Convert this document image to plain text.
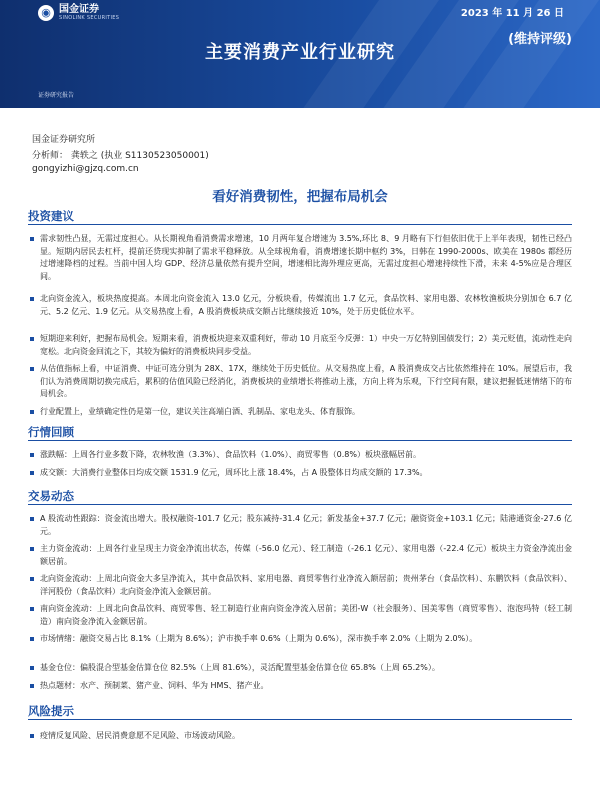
◉ 国金证券
SINOLINK SECURITIES	2023 年 11 月 26 日
主要消费产业行业研究
(维持评级)
证券研究报告
国金证券研究所
分析师： 龚轶之 (执业 S1130523050001)
gongyizhi@gjzq.com.cn
看好消费韧性，把握布局机会
投资建议
需求韧性凸显，无需过度担心。从长期视角看消费需求增速，10 月两年复合增速为 3.5%,环比 8、9 月略有下行但依旧优于上半年表现，韧性已经凸显。短期内居民去杠杆，提前还贷现实抑制了需求平稳释放。从全球视角看，消费增速长期中枢约 3%，日韩在 1990-2000s、欧美在 1980s 都经历过增速降档的过程。当前中国人均 GDP、经济总量依然有提升空间，增速相比海外理应更高，无需过度担心增速持续性下滑，未来 4-5%应是合理区间。
北向资金流入，板块热度提高。本周北向资金流入 13.0 亿元，分板块看，传媒流出 1.7 亿元，食品饮料、家用电器、农林牧渔板块分别加仓 6.7 亿元、5.2 亿元、1.9 亿元。从交易热度上看，A 股消费板块成交额占比继续接近 10%，处于历史低位水平。
短期迎来利好，把握布局机会。短期来看，消费板块迎来双重利好，带动 10 月底至今反弹：1）中央一万亿特别国债发行；2）美元贬值，流动性走向宽松。北向资金回流之下，其较为偏好的消费板块同步受益。
从估值指标上看，中证消费、中证可选分别为 28X、17X，继续处于历史低位。从交易热度上看，A 股消费成交占比依然维持在 10%。展望后市，我们认为消费周期切换完成后，累积的估值风险已经消化，消费板块的业绩增长将推动上涨，方向上将为乐观，下行空间有限，建议把握低迷情绪下的布局机会。
行业配置上，业绩确定性仍是第一位，建议关注高端白酒、乳制品、家电龙头、体育服饰。
行情回顾
涨跌幅：上周各行业多数下降，农林牧渔（3.3%）、食品饮料（1.0%）、商贸零售（0.8%）板块涨幅居前。
成交额：大消费行业整体日均成交额 1531.9 亿元，周环比上涨 18.4%，占 A 股整体日均成交额的 17.3%。
交易动态
A 股流动性跟踪：资金流出增大。股权融资-101.7 亿元；股东减持-31.4 亿元；新发基金+37.7 亿元；融资资金+103.1 亿元；陆港通资金-27.6 亿元。
主力资金流动：上周各行业呈现主力资金净流出状态，传媒（-56.0 亿元）、轻工制造（-26.1 亿元）、家用电器（-22.4 亿元）板块主力资金净流出金额居前。
北向资金流动：上周北向资金大多呈净流入，其中食品饮料、家用电器、商贸零售行业净流入额居前；贵州茅台（食品饮料）、东鹏饮料（食品饮料）、洋河股份（食品饮料）北向资金净流入金额居前。
南向资金流动：上周北向食品饮料、商贸零售、轻工制造行业南向资金净流入居前；美团-W（社会服务）、国美零售（商贸零售）、泡泡玛特（轻工制造）南向资金净流入金额居前。
市场情绪：融资交易占比 8.1%（上期为 8.6%）；沪市换手率 0.6%（上期为 0.6%），深市换手率 2.0%（上期为 2.0%）。
基金仓位：偏股混合型基金估算仓位 82.5%（上周 81.6%），灵活配置型基金估算仓位 65.8%（上周 65.2%）。
热点题材：水产、预制菜、猪产业、饲料、华为 HMS、猪产业。
风险提示
疫情反复风险、居民消费意愿不足风险、市场波动风险。
